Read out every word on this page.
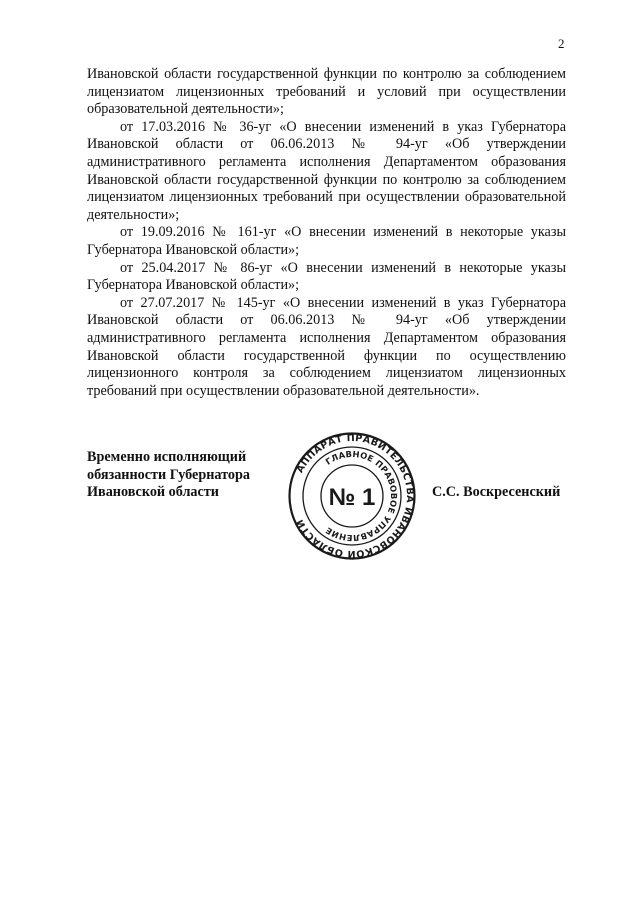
2

Ивановской области государственной функции по контролю за соблюдением лицензиатом лицензионных требований и условий при осуществлении образовательной деятельности»;

от 17.03.2016 № 36-уг «О внесении изменений в указ Губернатора Ивановской области от 06.06.2013 № 94-уг «Об утверждении административного регламента исполнения Департаментом образования Ивановской области государственной функции по контролю за соблюдением лицензиатом лицензионных требований при осуществлении образовательной деятельности»;

от 19.09.2016 № 161-уг «О внесении изменений в некоторые указы Губернатора Ивановской области»;

от 25.04.2017 № 86-уг «О внесении изменений в некоторые указы Губернатора Ивановской области»;

от 27.07.2017 № 145-уг «О внесении изменений в указ Губернатора Ивановской области от 06.06.2013 № 94-уг «Об утверждении административного регламента исполнения Департаментом образования Ивановской области государственной функции по осуществлению лицензионного контроля за соблюдением лицензиатом лицензионных требований при осуществлении образовательной деятельности».

Временно исполняющий
обязанности Губернатора
Ивановской области
АППАРАТ ПРАВИТЕЛЬСТВА ИВАНОВСКОЙ ОБЛАСТИ
ГЛАВНОЕ ПРАВОВОЕ УПРАВЛЕНИЕ
№ 1	С.С. Воскресенский
